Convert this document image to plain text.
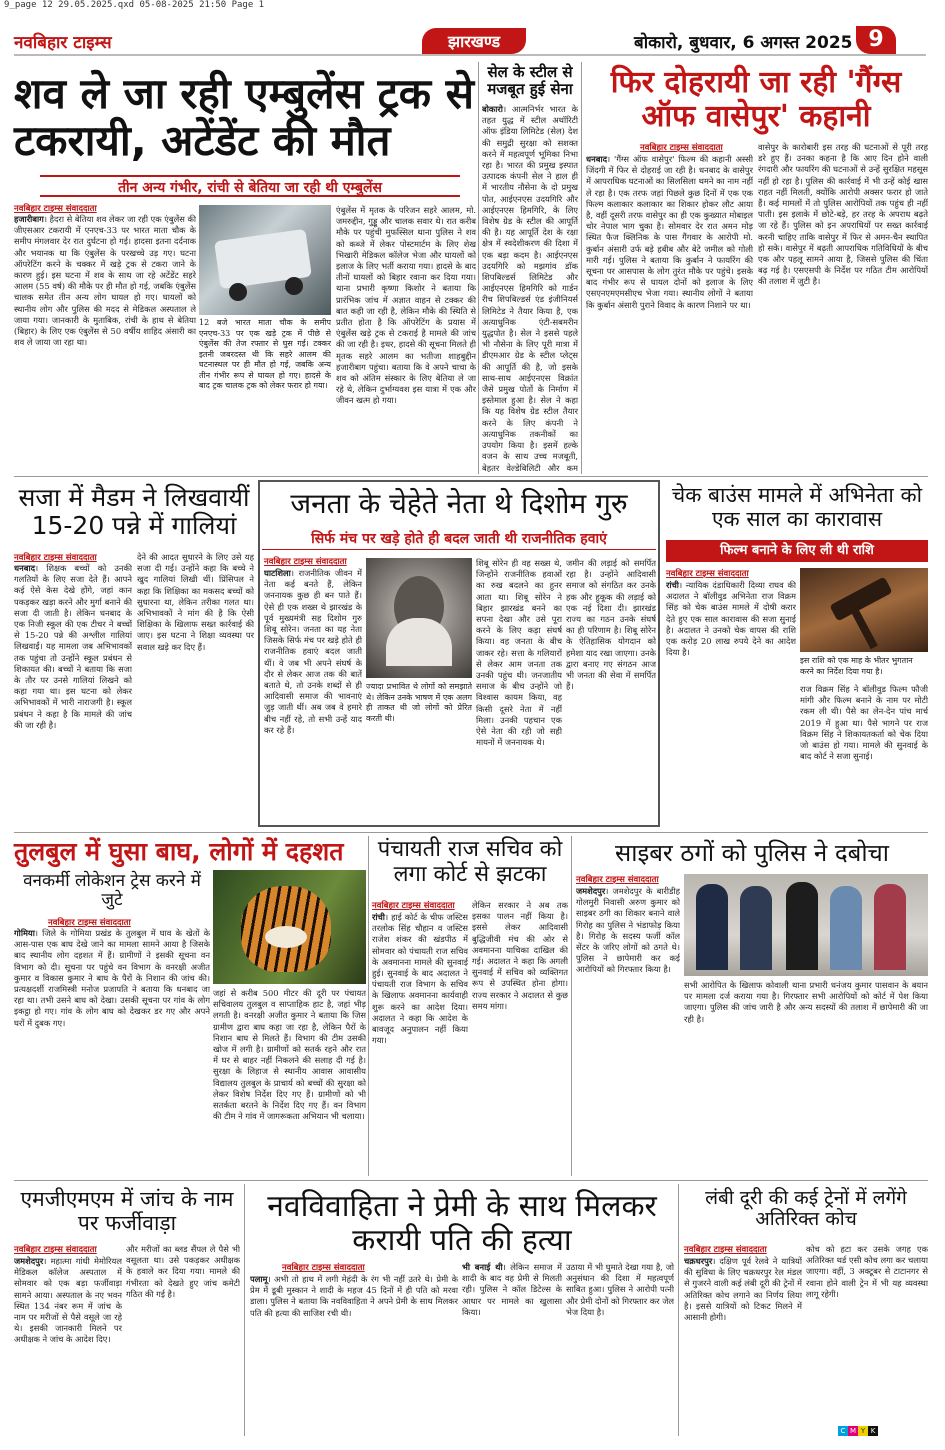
9_page 12 29.05.2025.qxd 05-08-2025 21:50 Page 1
नवबिहार टाइम्स	झारखण्ड	बोकारो, बुधवार, 6 अगस्त 2025 9
शव ले जा रही एम्बुलेंस ट्रक से टकरायी, अटेंडेंट की मौत
तीन अन्य गंभीर, रांची से बेतिया जा रही थी एम्बुलेंस
नवबिहार टाइम्स संवाददाता
हजारीबाग। हैदरा से बेतिया शव लेकर जा रही एक एंबुलेंस की जीएसआर टकरायी में एनएच-33 पर भारत माता चौक के समीप मंगलवार देर रात दुर्घटना हो गई। हादसा इतना दर्दनाक और भयानक था कि एंबुलेंस के परखच्चे उड़ गए। घटना ऑपरेटिंग करने के चक्कर में खड़े ट्रक से टकरा जाने के कारण हुई। इस घटना में शव के साथ जा रहे अटेंडेंट सहरे आलम (55 वर्ष) की मौके पर ही मौत हो गई, जबकि एंबुलेंस चालक समेत तीन अन्य लोग घायल हो गए। घायलों को स्थानीय लोग और पुलिस की मदद से मेडिकल अस्पताल ले जाया गया। जानकारी के मुताबिक, रांची के हाथ से बेतिया (बिहार) के लिए एक एंबुलेंस से 50 वर्षीय शाहिद अंसारी का शव ले जाया जा रहा था।
12 बजे भारत माता चौक के समीप एनएच-33 पर एक खड़े ट्रक में पीछे से एंबुलेंस की तेज रफ्तार से घुस गई। टक्कर इतनी जबरदस्त थी कि सहरे आलम की घटनास्थल पर ही मौत हो गई, जबकि अन्य तीन गंभीर रूप से घायल हो गए। हादसे के बाद ट्रक चालक ट्रक को लेकर फरार हो गया।
एंबुलेंस में मृतक के परिजन सहरे आलम, मो. जमरुद्दीन, गुड्डू और चालक सवार थे। रात करीब मौके पर पहुंची मुफस्सिल थाना पुलिस ने शव को कब्जे में लेकर पोस्टमार्टम के लिए शेख भिखारी मेडिकल कॉलेज भेजा और घायलों को इलाज के लिए भर्ती कराया गया। हादसे के बाद तीनों घायलों को बिहार रवाना कर दिया गया। थाना प्रभारी कृष्णा किशोर ने बताया कि प्रारंभिक जांच में अज्ञात वाहन से टक्कर की बात कही जा रही है, लेकिन मौके की स्थिति से प्रतीत होता है कि ऑपरेटिंग के प्रयास में एंबुलेंस खड़े ट्रक से टकराई है मामले की जांच की जा रही है। इधर, हादसे की सूचना मिलते ही मृतक सहरे आलम का भतीजा शाहबुद्दीन हजारीबाग पहुंचा। बताया कि वे अपने चाचा के शव को अंतिम संस्कार के लिए बेतिया ले जा रहे थे, लेकिन दुर्भाग्यवश इस यात्रा में एक और जीवन खत्म हो गया।
सेल के स्टील से मजबूत हुई सेना
बोकारो। आत्मनिर्भर भारत के तहत युद्ध में स्टील अथॉरिटी ऑफ इंडिया लिमिटेड (सेल) देश की समुद्री सुरक्षा को सशक्त करने में महत्वपूर्ण भूमिका निभा रहा है। भारत की प्रमुख इस्पात उत्पादक कंपनी सेल ने हाल ही में भारतीय नौसेना के दो प्रमुख पोत, आईएनएस उदयगिरि और आईएनएस हिमगिरि, के लिए विशेष ग्रेड के स्टील की आपूर्ति की है। यह आपूर्ति देश के रक्षा क्षेत्र में स्वदेशीकरण की दिशा में एक बड़ा कदम है। आईएनएस उदयगिरि को मझगांव डॉक शिपबिल्डर्स लिमिटेड और आईएनएस हिमगिरि को गार्डन रीच शिपबिल्डर्स एंड इंजीनियर्स लिमिटेड ने तैयार किया है, एक अत्याधुनिक एंटी-सबमरीन युद्धपोत है। सेल ने इससे पहले भी नौसेना के लिए पूरी मात्रा में डीएमआर ग्रेड के स्टील प्लेट्स की आपूर्ति की है, जो इसके साथ-साथ आईएनएस विक्रांत जैसे प्रमुख पोतों के निर्माण में इस्तेमाल हुआ है। सेल ने कहा कि यह विशेष ग्रेड स्टील तैयार करने के लिए कंपनी ने अत्याधुनिक तकनीकों का उपयोग किया है। इसमें हल्के वजन के साथ उच्च मजबूती, बेहतर वेल्डेबिलिटी और कम
फिर दोहरायी जा रही 'गैंग्स ऑफ वासेपुर' कहानी
नवबिहार टाइम्स संवाददाता
धनबाद। 'गैंग्स ऑफ वासेपुर' फिल्म की कहानी अस्सी जिंदगी में फिर से दोहराई जा रही है। धनबाद के वासेपुर में आपराधिक घटनाओं का सिलसिला थमने का नाम नहीं ले रहा है। एक तरफ जहां पिछले कुछ दिनों में एक एक फिल्म कलाकार कलाकार का शिकार होकर लौट आया है, वहीं दूसरी तरफ वासेपुर का ही एक कुख्यात मोबाइल चोर नेपाल भाग चुका है। सोमवार देर रात अमन मोड़ स्थित फैज क्लिनिक के पास गैंगवार के आरोपी मो. कुर्बान अंसारी उर्फ बड़े हबीब और बेटे जमील को गोली मारी गई। पुलिस ने बताया कि कुर्बान ने फायरिंग की सूचना पर आसपास के लोग तुरंत मौके पर पहुंचे। इसके बाद गंभीर रूप से घायल दोनों को इलाज के लिए एसएनएमएमसीएच भेजा गया। स्थानीय लोगों ने बताया कि कुर्बान अंसारी पुराने विवाद के कारण निशाने पर था।
वासेपुर के कारोबारी इस तरह की घटनाओं से पूरी तरह डरे हुए हैं। उनका कहना है कि आए दिन होने वाली रंगदारी और फायरिंग की घटनाओं से उन्हें सुरक्षित महसूस नहीं हो रहा है। पुलिस की कार्रवाई में भी उन्हें कोई खास राहत नहीं मिलती, क्योंकि आरोपी अक्सर फरार हो जाते हैं। कई मामलों में तो पुलिस आरोपियों तक पहुंच ही नहीं पाती। इस इलाके में छोटे-बड़े, हर तरह के अपराध बढ़ते जा रहे हैं। पुलिस को इन अपराधियों पर सख्त कार्रवाई करनी चाहिए ताकि वासेपुर में फिर से अमन-चैन स्थापित हो सके। वासेपुर में बढ़ती आपराधिक गतिविधियों के बीच एक और पहलू सामने आया है, जिससे पुलिस की चिंता बढ़ गई है। एसएसपी के निर्देश पर गठित टीम आरोपियों की तलाश में जुटी है।
सजा में मैडम ने लिखवायीं 15-20 पन्ने में गालियां
नवबिहार टाइम्स संवाददाता
धनबाद। शिक्षक बच्चों को उनकी गलतियों के लिए सजा देते हैं। आपने कई ऐसे केस देखे होंगे, जहां कान पकड़कर खड़ा करने और मुर्गा बनाने की सजा दी जाती है। लेकिन धनबाद के एक निजी स्कूल की एक टीचर ने बच्चों से 15-20 पन्ने की अश्लील गालियां लिखवाईं। यह मामला जब अभिभावकों तक पहुंचा तो उन्होंने स्कूल प्रबंधन से शिकायत की। बच्चों ने बताया कि सजा के तौर पर उनसे गालियां लिखने को कहा गया था। इस घटना को लेकर अभिभावकों में भारी नाराजगी है। स्कूल प्रबंधन ने कहा है कि मामले की जांच की जा रही है।
देने की आदत सुधारने के लिए उसे यह सजा दी गई। उन्होंने कहा कि बच्चे ने खुद गालियां लिखी थीं। प्रिंसिपल ने कहा कि शिक्षिका का मकसद बच्चों को सुधारना था, लेकिन तरीका गलत था। अभिभावकों ने मांग की है कि ऐसी शिक्षिका के खिलाफ सख्त कार्रवाई की जाए। इस घटना ने शिक्षा व्यवस्था पर सवाल खड़े कर दिए हैं।
जनता के चेहेते नेता थे दिशोम गुरु
सिर्फ मंच पर खड़े होते ही बदल जाती थी राजनीतिक हवाएं
नवबिहार टाइम्स संवाददाता
घाटशिला। राजनीतिक जीवन में नेता कई बनते हैं, लेकिन जननायक कुछ ही बन पाते हैं। ऐसे ही एक शख्स थे झारखंड के पूर्व मुख्यमंत्री सह दिशोम गुरु शिबू सोरेन। जनता का यह नेता जिसके सिर्फ मंच पर खड़े होते ही राजनीतिक हवाएं बदल जाती थीं। वे जब भी अपने संघर्ष के दौर से लेकर आज तक की बातें बताते थे, तो उनके शब्दों से ही आदिवासी समाज की भावनाएं जुड़ जाती थीं। अब जब वे हमारे बीच नहीं रहे, तो सभी उन्हें याद कर रहे हैं।
ज्यादा प्रभावित थे लोगों को समझाते थे। लेकिन उनके भाषण में एक अलग ही ताकत थी जो लोगों को प्रेरित करती थी।
शिबू सोरेन ही वह सख्स थे, जिन्होंने राजनीतिक हवाओं का रुख बदलने का हुनर आता था। शिबू सोरेन ने बिहार झारखंड बनने का सपना देखा और उसे पूरा करने के लिए कड़ा संघर्ष किया। वह जनता के बीच जाकर रहे। सत्ता के गलियारों से लेकर आम जनता तक उनकी पहुंच थी। जनजातीय समाज के बीच उन्होंने जो विश्वास कायम किया, वह किसी दूसरे नेता में नहीं मिला। उनकी पहचान एक ऐसे नेता की रही जो सही मायनों में जननायक थे।
जमीन की लड़ाई को समर्पित रहा है। उन्होंने आदिवासी समाज को संगठित कर उनके हक और हुकूक की लड़ाई को एक नई दिशा दी। झारखंड राज्य का गठन उनके संघर्ष का ही परिणाम है। शिबू सोरेन के ऐतिहासिक योगदान को हमेशा याद रखा जाएगा। उनके द्वारा बनाए गए संगठन आज भी जनता की सेवा में समर्पित हैं।
चेक बाउंस मामले में अभिनेता को एक साल का कारावास
फिल्म बनाने के लिए ली थी राशि
नवबिहार टाइम्स संवाददाता
रांची। न्यायिक दंडाधिकारी दिव्या राघव की अदालत ने बॉलीवुड अभिनेता राज विक्रम सिंह को चेक बाउंस मामले में दोषी करार देते हुए एक साल कारावास की सजा सुनाई है। अदालत ने उनको चेक वापस की राशि एक करोड़ 20 लाख रुपये देने का आदेश दिया है।
इस राशि को एक माह के भीतर भुगतान करने का निर्देश दिया गया है।
राज विक्रम सिंह ने बॉलीवुड फिल्म फौजी मांगी और फिल्म बनाने के नाम पर मोटी रकम ली थी। पैसे का लेन-देन पांच मार्च 2019 में हुआ था। पैसे भागने पर राज विक्रम सिंह ने शिकायतकर्ता को चेक दिया जो बाउंस हो गया। मामले की सुनवाई के बाद कोर्ट ने सजा सुनाई।
तुलबुल में घुसा बाघ, लोगों में दहशत
वनकर्मी लोकेशन ट्रेस करने में जुटे
नवबिहार टाइम्स संवाददाता
गोमिया। जिले के गोमिया प्रखंड के तुलबुल में घाव के खेतों के आस-पास एक बाघ देखे जाने का मामला सामने आया है जिसके बाद स्थानीय लोग दहशत में हैं। ग्रामीणों ने इसकी सूचना वन विभाग को दी। सूचना पर पहुंचे वन विभाग के वनरक्षी अजीत कुमार व विकास कुमार ने बाघ के पैरों के निशान की जांच की। प्रत्यक्षदर्शी राजमिस्त्री मनोज प्रजापति ने बताया कि धनबाद जा रहा था। तभी उसने बाघ को देखा। उसकी सूचना पर गांव के लोग इकट्ठा हो गए। गांव के लोग बाघ को देखकर डर गए और अपने घरों में दुबक गए।
जहां से करीब 500 मीटर की दूरी पर पंचायत सचिवालय तुलबुल व साप्ताहिक हाट है, जहां भीड़ लगती है। वनरक्षी अजीत कुमार ने बताया कि जिस ग्रामीण द्वारा बाघ कहा जा रहा है, लेकिन पैरों के निशान बाघ से मिलते हैं। विभाग की टीम उसकी खोज में लगी है। ग्रामीणों को सतर्क रहने और रात में घर से बाहर नहीं निकलने की सलाह दी गई है। सुरक्षा के लिहाज से स्थानीय आवास आवासीय विद्यालय तुलबुल के प्राचार्य को बच्चों की सुरक्षा को लेकर विशेष निर्देश दिए गए हैं। ग्रामीणों को भी सतर्कता बरतने के निर्देश दिए गए हैं। वन विभाग की टीम ने गांव में जागरूकता अभियान भी चलाया।
पंचायती राज सचिव को लगा कोर्ट से झटका
नवबिहार टाइम्स संवाददाता
रांची। हाई कोर्ट के चीफ जस्टिस तरलोक सिंह चौहान व जस्टिस राजेश शंकर की खंडपीठ में सोमवार को पंचायती राज सचिव के अवमानना मामले की सुनवाई हुई। सुनवाई के बाद अदालत ने पंचायती राज विभाग के सचिव के खिलाफ अवमानना कार्यवाही शुरू करने का आदेश दिया। अदालत ने कहा कि आदेश के बावजूद अनुपालन नहीं किया गया।
लेकिन सरकार ने अब तक इसका पालन नहीं किया है। इससे लेकर आदिवासी बुद्धिजीवी मंच की ओर से अवमानना याचिका दाखिल की गई। अदालत ने कहा कि अगली सुनवाई में सचिव को व्यक्तिगत रूप से उपस्थित होना होगा। राज्य सरकार ने अदालत से कुछ समय मांगा।
साइबर ठगों को पुलिस ने दबोचा
नवबिहार टाइम्स संवाददाता
जमशेदपुर। जमशेदपुर के बारीडीह गोलमुरी निवासी अरुण कुमार को साइबर ठगी का शिकार बनाने वाले गिरोह का पुलिस ने भंडाफोड़ किया है। गिरोह के सदस्य फर्जी कॉल सेंटर के जरिए लोगों को ठगते थे। पुलिस ने छापेमारी कर कई आरोपियों को गिरफ्तार किया है।
सभी आरोपित के खिलाफ कोवाली थाना प्रभारी धनंजय कुमार पासवान के बयान पर मामला दर्ज कराया गया है। गिरफ्तार सभी आरोपियों को कोर्ट में पेश किया जाएगा। पुलिस की जांच जारी है और अन्य सदस्यों की तलाश में छापेमारी की जा रही है।
एमजीएमएम में जांच के नाम पर फर्जीवाड़ा
नवबिहार टाइम्स संवाददाता
जमशेदपुर। महात्मा गांधी मेमोरियल मेडिकल कॉलेज अस्पताल में सोमवार को एक बड़ा फर्जीवाड़ा सामने आया। अस्पताल के नए भवन स्थित 134 नंबर रूम में जांच के नाम पर मरीजों से पैसे वसूले जा रहे थे। इसकी जानकारी मिलने पर अधीक्षक ने जांच के आदेश दिए।
और मरीजों का ब्लड सैंपल ले पैसे भी वसूलता था। उसे पकड़कर अधीक्षक के हवाले कर दिया गया। मामले की गंभीरता को देखते हुए जांच कमेटी गठित की गई है।
नवविवाहिता ने प्रेमी के साथ मिलकर करायी पति की हत्या
नवबिहार टाइम्स संवाददाता
पलामू। अभी तो हाथ में लगी मेहंदी के रंग भी नहीं उतरे थे। प्रेमी के प्रेम में डूबी मुस्कान ने शादी के महज 45 दिनों में ही पति को मरवा डाला। पुलिस ने बताया कि नवविवाहिता ने अपने प्रेमी के साथ मिलकर पति की हत्या की साजिश रची थी।
भी बनाई थी। लेकिन समाज में शादी के बाद वह प्रेमी से मिलती रही। पुलिस ने कॉल डिटेल्स के आधार पर मामले का खुलासा किया।
उठाया में भी घुमाते देखा गया है, जो अनुसंधान की दिशा में महत्वपूर्ण साबित हुआ। पुलिस ने आरोपी पत्नी और प्रेमी दोनों को गिरफ्तार कर जेल भेज दिया है।
लंबी दूरी की कई ट्रेनों में लगेंगे अतिरिक्त कोच
नवबिहार टाइम्स संवाददाता
चक्रधरपुर। दक्षिण पूर्व रेलवे ने यात्रियों की सुविधा के लिए चक्रधरपुर रेल मंडल से गुजरने वाली कई लंबी दूरी की ट्रेनों में अतिरिक्त कोच लगाने का निर्णय लिया है। इससे यात्रियों को टिकट मिलने में आसानी होगी।
कोच को हटा कर उसके जगह एक अतिरिक्त थर्ड एसी कोच लगा कर चलाया जाएगा। वहीं, 3 अक्टूबर से टाटानगर से रवाना होने वाली ट्रेन में भी यह व्यवस्था लागू रहेगी।
C M Y K
